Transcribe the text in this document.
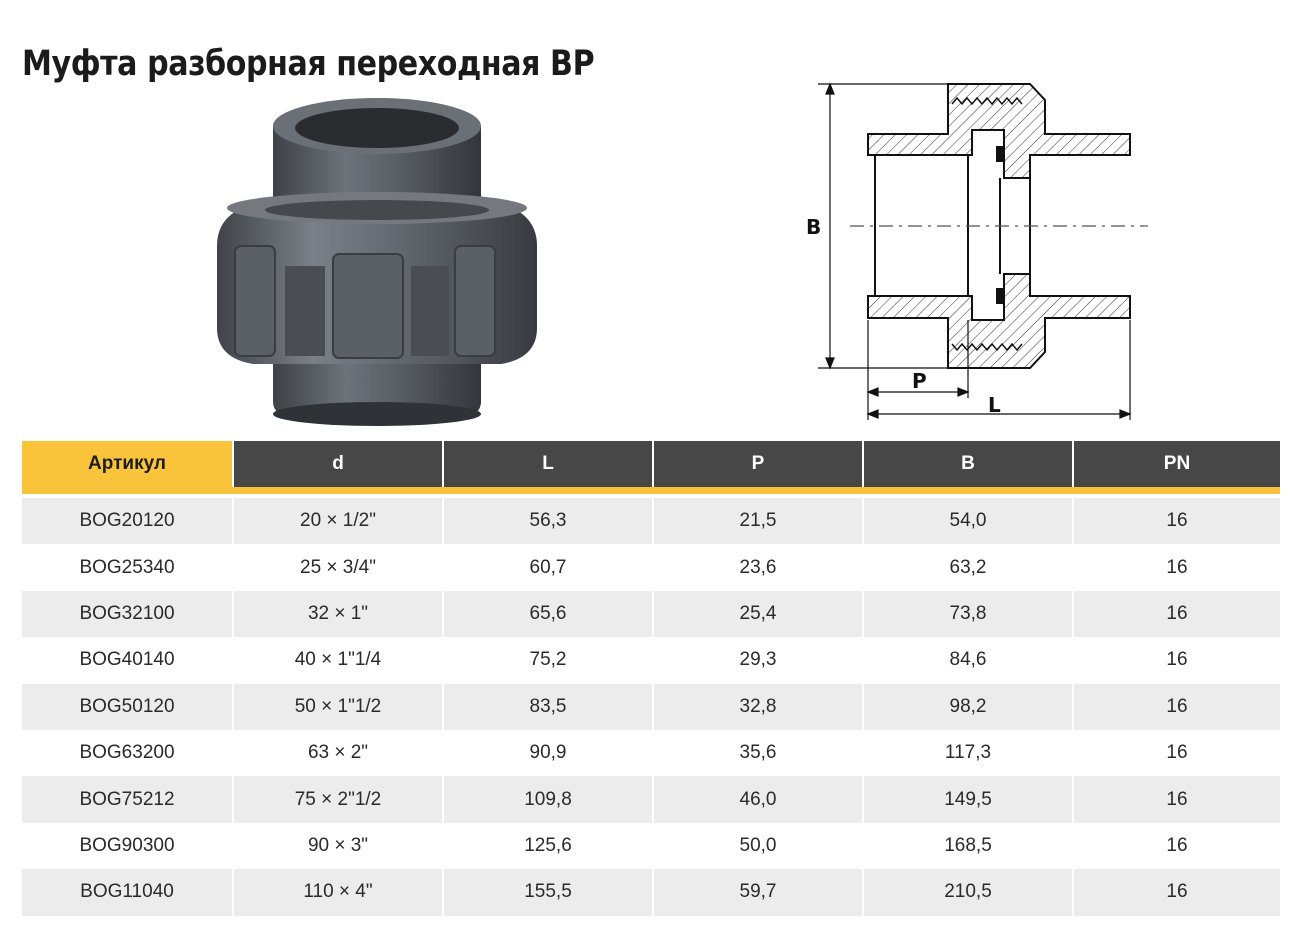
Муфта разборная переходная ВР
B
P
L
Артикул	d	L	P	B	PN
BOG20120	20 × 1/2"	56,3	21,5	54,0	16
BOG25340	25 × 3/4"	60,7	23,6	63,2	16
BOG32100	32 × 1"	65,6	25,4	73,8	16
BOG40140	40 × 1"1/4	75,2	29,3	84,6	16
BOG50120	50 × 1"1/2	83,5	32,8	98,2	16
BOG63200	63 × 2"	90,9	35,6	117,3	16
BOG75212	75 × 2"1/2	109,8	46,0	149,5	16
BOG90300	90 × 3"	125,6	50,0	168,5	16
BOG11040	110 × 4"	155,5	59,7	210,5	16
